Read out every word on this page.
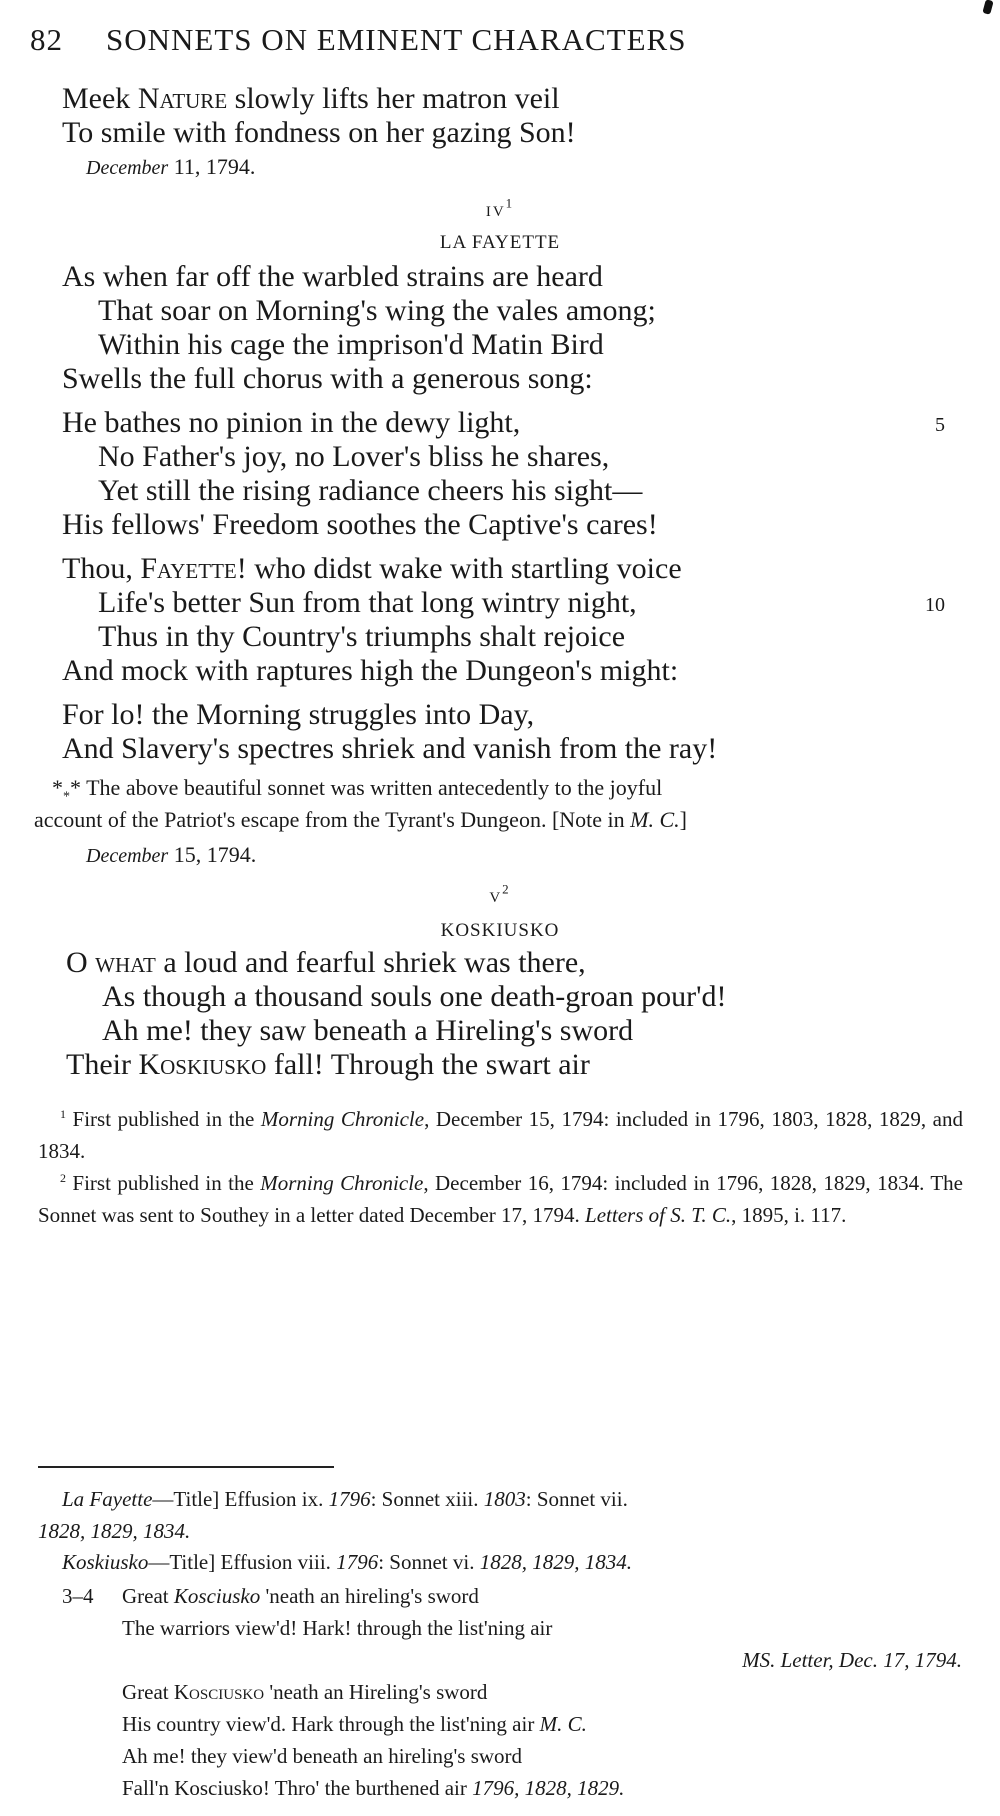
82 SONNETS ON EMINENT CHARACTERS
Meek Nature slowly lifts her matron veil
To smile with fondness on her gazing Son!
December 11, 1794.
$iv^1$
LA FAYETTE
As when far off the warbled strains are heard
That soar on Morning's wing the vales among;
Within his cage the imprison'd Matin Bird
Swells the full chorus with a generous song:
He bathes no pinion in the dewy light,	5
No Father's joy, no Lover's bliss he shares,
Yet still the rising radiance cheers his sight—
His fellows' Freedom soothes the Captive's cares!
Thou, Fayette! who didst wake with startling voice
Life's better Sun from that long wintry night,	10
Thus in thy Country's triumphs shalt rejoice
And mock with raptures high the Dungeon's might:
For lo! the Morning struggles into Day,
And Slavery's spectres shriek and vanish from the ray!
$*_**$ The above beautiful sonnet was written antecedently to the joyful
account of the Patriot's escape from the Tyrant's Dungeon. [Note in M. C.]
December 15, 1794.
$v^2$
KOSKIUSKO
O what a loud and fearful shriek was there,
As though a thousand souls one death-groan pour'd!
Ah me! they saw beneath a Hireling's sword
Their Koskiusko fall! Through the swart air
$^1$ First published in the Morning Chronicle, December 15, 1794: included in 1796, 1803, 1828, 1829, and 1834.
$^2$ First published in the Morning Chronicle, December 16, 1794: included in 1796, 1828, 1829, 1834. The Sonnet was sent to Southey in a letter dated December 17, 1794. Letters of S. T. C., 1895, i. 117.
La Fayette—Title] Effusion ix. 1796: Sonnet xiii. 1803: Sonnet vii.
1828, 1829, 1834.
Koskiusko—Title] Effusion viii. 1796: Sonnet vi. 1828, 1829, 1834.
3–4 Great Kosciusko 'neath an hireling's sword
The warriors view'd! Hark! through the list'ning air
MS. Letter, Dec. 17, 1794.
Great Kosciusko 'neath an Hireling's sword
His country view'd. Hark through the list'ning air M. C.
Ah me! they view'd beneath an hireling's sword
Fall'n Kosciusko! Thro' the burthened air 1796, 1828, 1829.
